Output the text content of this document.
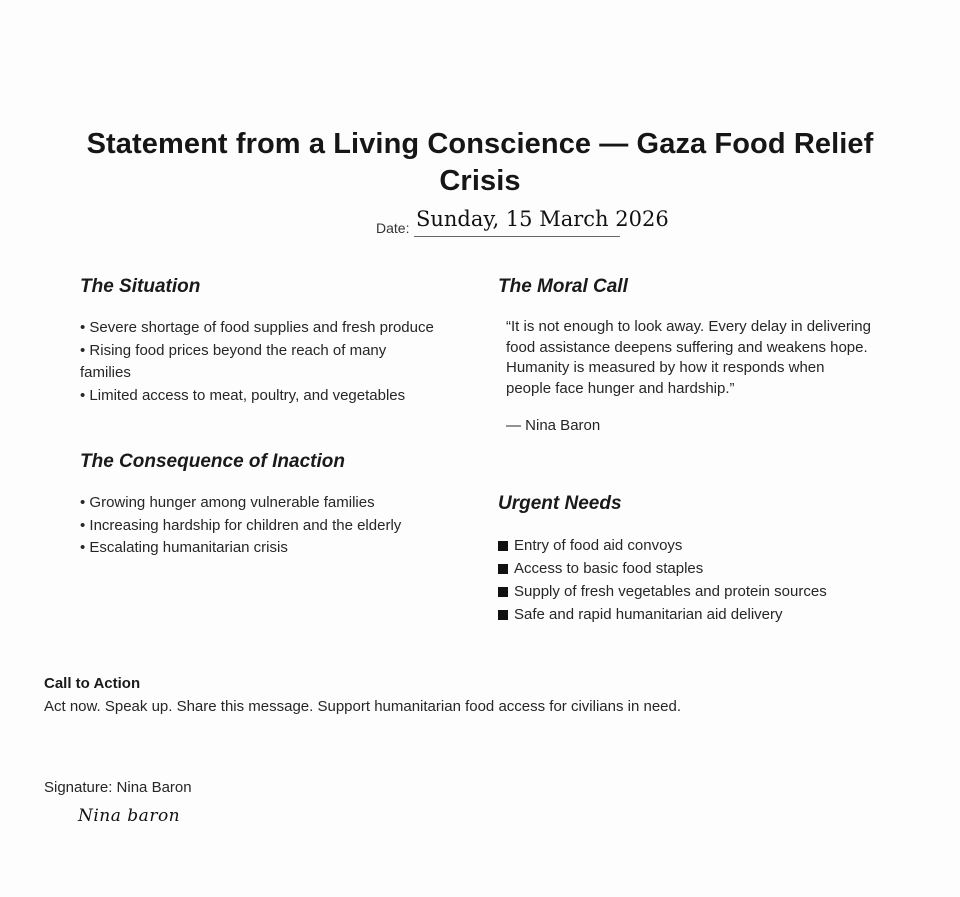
Statement from a Living Conscience — Gaza Food Relief Crisis
Date: Sunday, 15 March 2026
The Situation
• Severe shortage of food supplies and fresh produce
• Rising food prices beyond the reach of many families
• Limited access to meat, poultry, and vegetables
The Consequence of Inaction
• Growing hunger among vulnerable families
• Increasing hardship for children and the elderly
• Escalating humanitarian crisis
The Moral Call

“It is not enough to look away. Every delay in delivering food assistance deepens suffering and weakens hope. Humanity is measured by how it responds when people face hunger and hardship.”

— Nina Baron
Urgent Needs
Entry of food aid convoys
Access to basic food staples
Supply of fresh vegetables and protein sources
Safe and rapid humanitarian aid delivery
Call to Action
Act now. Speak up. Share this message. Support humanitarian food access for civilians in need.
Signature: Nina Baron
Nina baron
